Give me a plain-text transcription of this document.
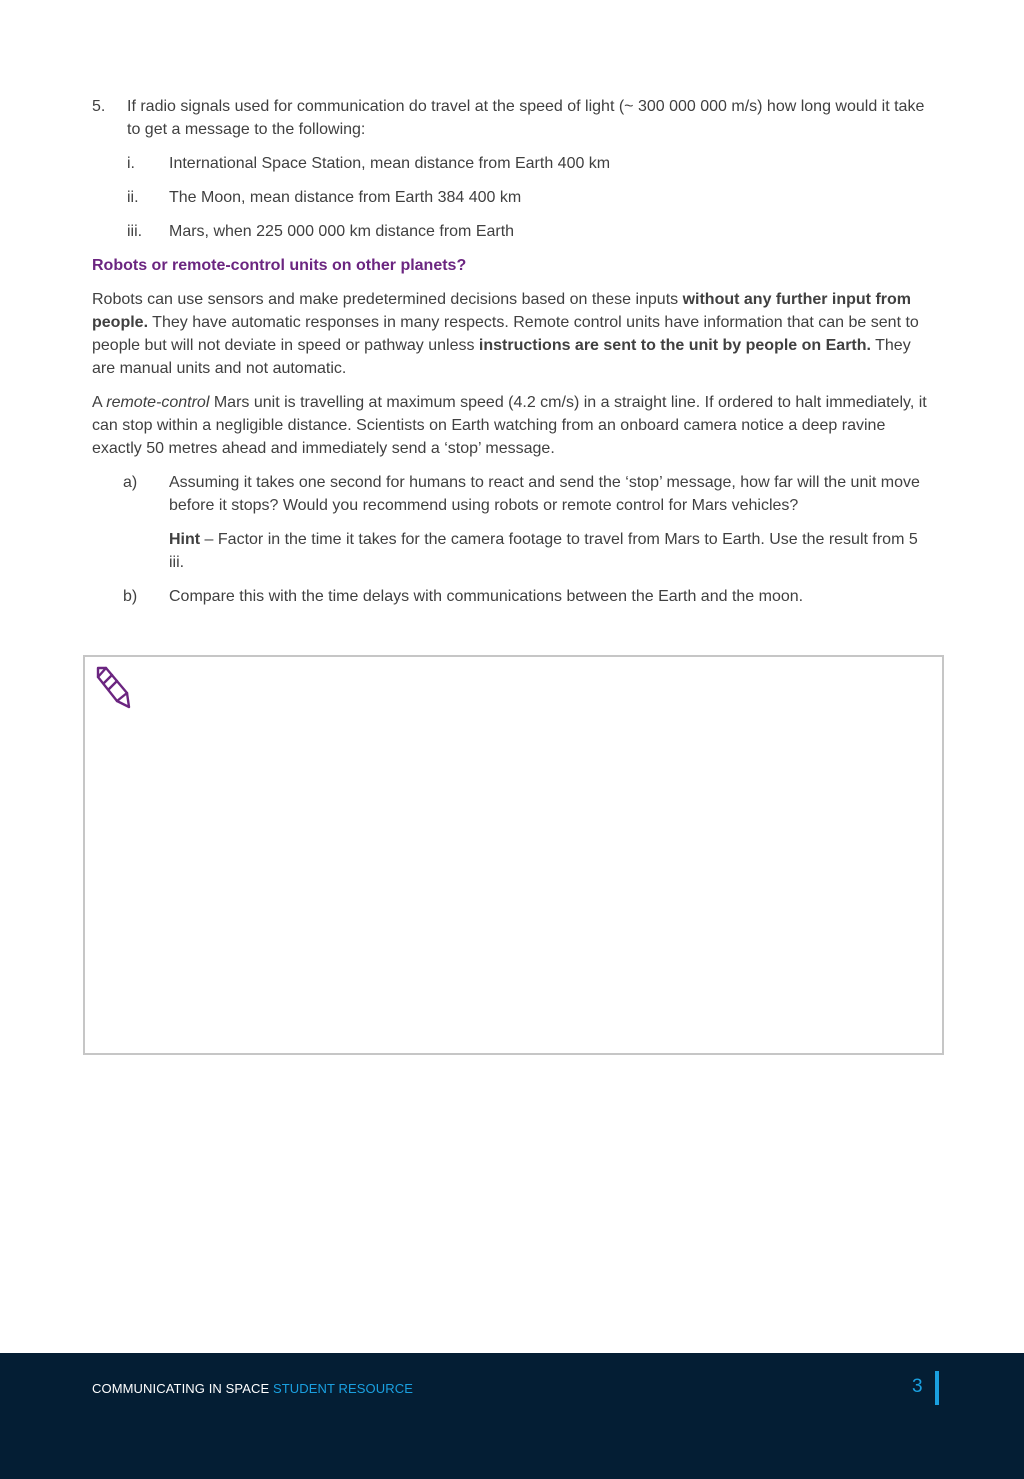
5. If radio signals used for communication do travel at the speed of light (~ 300 000 000 m/s) how long would it take to get a message to the following:
i. International Space Station, mean distance from Earth 400 km
ii. The Moon, mean distance from Earth 384 400 km
iii. Mars, when 225 000 000 km distance from Earth
Robots or remote-control units on other planets?

Robots can use sensors and make predetermined decisions based on these inputs without any further input from people. They have automatic responses in many respects. Remote control units have information that can be sent to people but will not deviate in speed or pathway unless instructions are sent to the unit by people on Earth. They are manual units and not automatic.

A remote-control Mars unit is travelling at maximum speed (4.2 cm/s) in a straight line. If ordered to halt immediately, it can stop within a negligible distance. Scientists on Earth watching from an onboard camera notice a deep ravine exactly 50 metres ahead and immediately send a ‘stop’ message.

a) Assuming it takes one second for humans to react and send the ‘stop’ message, how far will the unit move before it stops? Would you recommend using robots or remote control for Mars vehicles?
Hint – Factor in the time it takes for the camera footage to travel from Mars to Earth. Use the result from 5 iii.
b) Compare this with the time delays with communications between the Earth and the moon.
COMMUNICATING IN SPACE STUDENT RESOURCE	3
